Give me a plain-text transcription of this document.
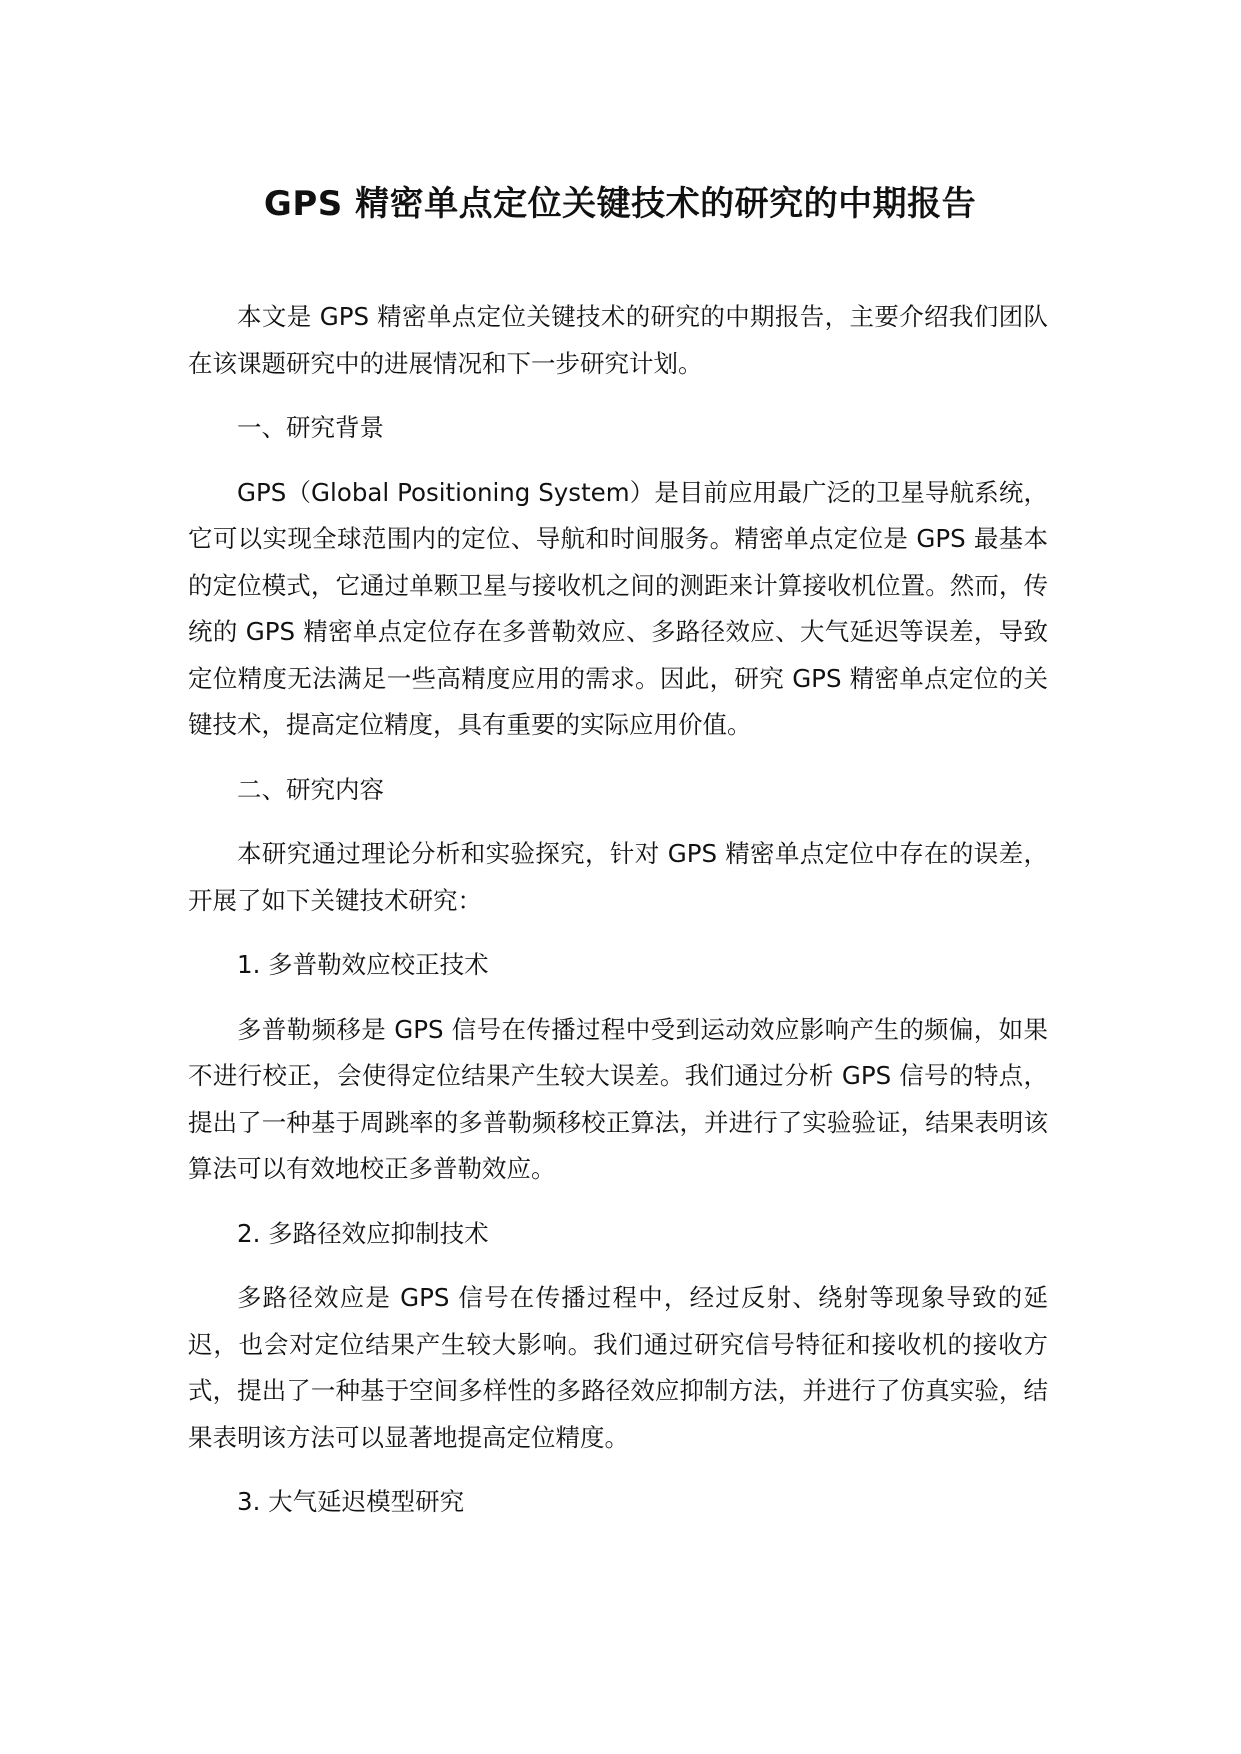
GPS 精密单点定位关键技术的研究的中期报告

本文是 GPS 精密单点定位关键技术的研究的中期报告，主要介绍我们团队在该课题研究中的进展情况和下一步研究计划。

一、研究背景

GPS（Global Positioning System）是目前应用最广泛的卫星导航系统，它可以实现全球范围内的定位、导航和时间服务。精密单点定位是 GPS 最基本的定位模式，它通过单颗卫星与接收机之间的测距来计算接收机位置。然而，传统的 GPS 精密单点定位存在多普勒效应、多路径效应、大气延迟等误差，导致定位精度无法满足一些高精度应用的需求。因此，研究 GPS 精密单点定位的关键技术，提高定位精度，具有重要的实际应用价值。

二、研究内容

本研究通过理论分析和实验探究，针对 GPS 精密单点定位中存在的误差，开展了如下关键技术研究：

1. 多普勒效应校正技术

多普勒频移是 GPS 信号在传播过程中受到运动效应影响产生的频偏，如果不进行校正，会使得定位结果产生较大误差。我们通过分析 GPS 信号的特点，提出了一种基于周跳率的多普勒频移校正算法，并进行了实验验证，结果表明该算法可以有效地校正多普勒效应。

2. 多路径效应抑制技术

多路径效应是 GPS 信号在传播过程中，经过反射、绕射等现象导致的延迟，也会对定位结果产生较大影响。我们通过研究信号特征和接收机的接收方式，提出了一种基于空间多样性的多路径效应抑制方法，并进行了仿真实验，结果表明该方法可以显著地提高定位精度。

3. 大气延迟模型研究
